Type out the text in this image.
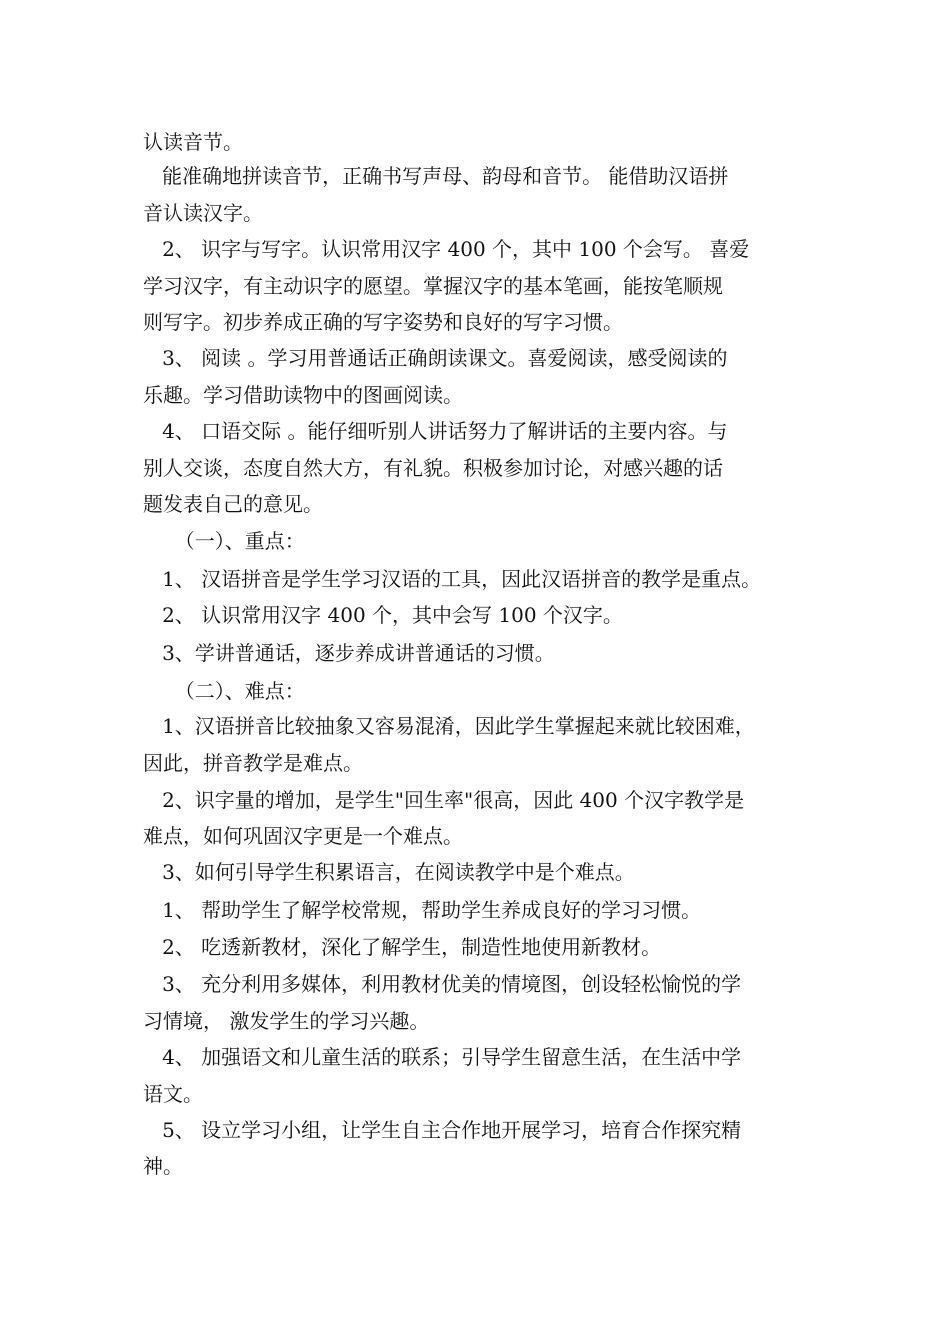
认读音节。
能准确地拼读音节，正确书写声母、韵母和音节。 能借助汉语拼
音认读汉字。
2、 识字与写字。认识常用汉字 400 个，其中 100 个会写。 喜爱
学习汉字，有主动识字的愿望。掌握汉字的基本笔画，能按笔顺规
则写字。初步养成正确的写字姿势和良好的写字习惯。
3、 阅读 。学习用普通话正确朗读课文。喜爱阅读，感受阅读的
乐趣。学习借助读物中的图画阅读。
4、 口语交际 。能仔细听别人讲话努力了解讲话的主要内容。与
别人交谈，态度自然大方，有礼貌。积极参加讨论，对感兴趣的话
题发表自己的意见。
（一）、重点：
1、 汉语拼音是学生学习汉语的工具，因此汉语拼音的教学是重点。
2、 认识常用汉字 400 个，其中会写 100 个汉字。
3、学讲普通话，逐步养成讲普通话的习惯。
（二）、难点：
1、汉语拼音比较抽象又容易混淆，因此学生掌握起来就比较困难，
因此，拼音教学是难点。
2、识字量的增加，是学生"回生率"很高，因此 400 个汉字教学是
难点，如何巩固汉字更是一个难点。
3、如何引导学生积累语言，在阅读教学中是个难点。
1、 帮助学生了解学校常规，帮助学生养成良好的学习习惯。
2、 吃透新教材，深化了解学生，制造性地使用新教材。
3、 充分利用多媒体，利用教材优美的情境图，创设轻松愉悦的学
习情境， 激发学生的学习兴趣。
4、 加强语文和儿童生活的联系；引导学生留意生活，在生活中学
语文。
5、 设立学习小组，让学生自主合作地开展学习，培育合作探究精
神。
